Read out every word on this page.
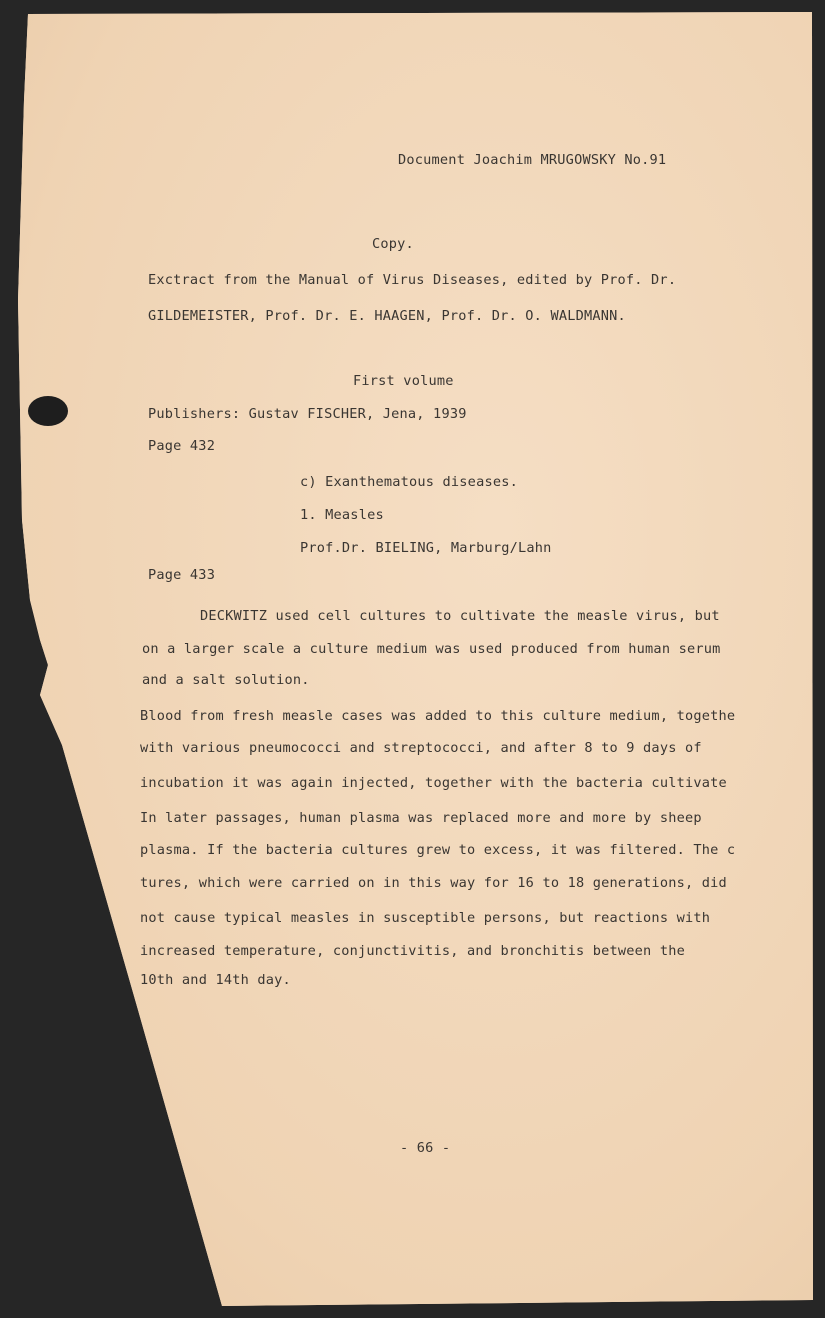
Document Joachim MRUGOWSKY No.91
Copy.
Exctract from the Manual of Virus Diseases, edited by Prof. Dr.
GILDEMEISTER, Prof. Dr. E. HAAGEN, Prof. Dr. O. WALDMANN.
First volume
Publishers: Gustav FISCHER, Jena, 1939
Page 432
c) Exanthematous diseases.
1. Measles
Prof.Dr. BIELING, Marburg/Lahn
Page 433
DECKWITZ used cell cultures to cultivate the measle virus, but
on a larger scale a culture medium was used produced from human serum
and a salt solution.
Blood from fresh measle cases was added to this culture medium, togethe
with various pneumococci and streptococci, and after 8 to 9 days of
incubation it was again injected, together with the bacteria cultivate
In later passages, human plasma was replaced more and more by sheep
plasma. If the bacteria cultures grew to excess, it was filtered. The c
tures, which were carried on in this way for 16 to 18 generations, did
not cause typical measles in susceptible persons, but reactions with
increased temperature, conjunctivitis, and bronchitis between the
10th and 14th day.
- 66 -
